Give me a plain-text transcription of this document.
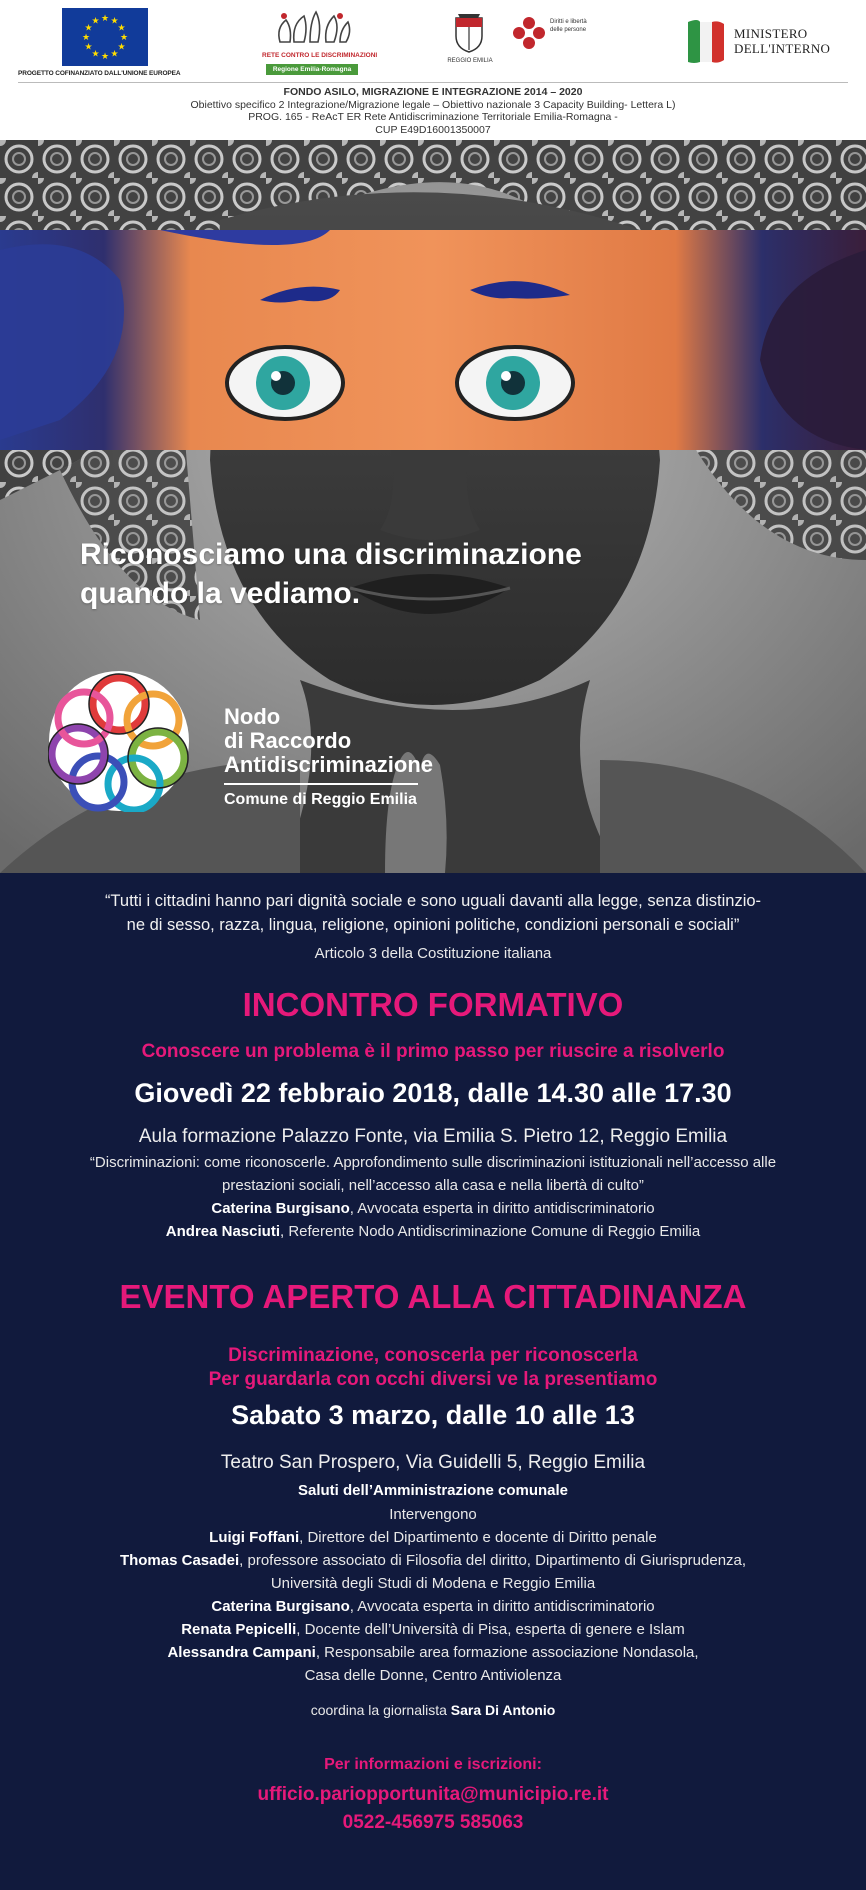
★ ★
★
★
★
★
★
★
★
★
★
★
PROGETTO COFINANZIATO DALL'UNIONE EUROPEA
RETE CONTRO LE DISCRIMINAZIONI
Regione Emilia-Romagna
REGGIO EMILIA
Diritti e libertà
delle persone	MINISTERO
DELL'INTERNO
FONDO ASILO, MIGRAZIONE E INTEGRAZIONE 2014 – 2020
Obiettivo specifico 2 Integrazione/Migrazione legale – Obiettivo nazionale 3 Capacity Building- Lettera L)
PROG. 165 - ReAcT ER Rete Antidiscriminazione Territoriale Emilia-Romagna -
CUP E49D16001350007
Riconosciamo una discriminazione
quando la vediamo.
Nodo
di Raccordo
Antidiscriminazione
Comune di Reggio Emilia
“Tutti i cittadini hanno pari dignità sociale e sono uguali davanti alla legge, senza distinzio-
ne di sesso, razza, lingua, religione, opinioni politiche, condizioni personali e sociali”
Articolo 3 della Costituzione italiana
INCONTRO FORMATIVO
Conoscere un problema è il primo passo per riuscire a risolverlo
Giovedì 22 febbraio 2018, dalle 14.30 alle 17.30
Aula formazione Palazzo Fonte, via Emilia S. Pietro 12, Reggio Emilia
“Discriminazioni: come riconoscerle. Approfondimento sulle discriminazioni istituzionali nell’accesso alle
prestazioni sociali, nell’accesso alla casa e nella libertà di culto”
Caterina Burgisano, Avvocata esperta in diritto antidiscriminatorio
Andrea Nasciuti, Referente Nodo Antidiscriminazione Comune di Reggio Emilia
EVENTO APERTO ALLA CITTADINANZA
Discriminazione, conoscerla per riconoscerla
Per guardarla con occhi diversi ve la presentiamo
Sabato 3 marzo, dalle 10 alle 13
Teatro San Prospero, Via Guidelli 5, Reggio Emilia
Saluti dell’Amministrazione comunale
Intervengono
Luigi Foffani, Direttore del Dipartimento e docente di Diritto penale
Thomas Casadei, professore associato di Filosofia del diritto, Dipartimento di Giurisprudenza,
Università degli Studi di Modena e Reggio Emilia
Caterina Burgisano, Avvocata esperta in diritto antidiscriminatorio
Renata Pepicelli, Docente dell’Università di Pisa, esperta di genere e Islam
Alessandra Campani, Responsabile area formazione associazione Nondasola,
Casa delle Donne, Centro Antiviolenza
coordina la giornalista Sara Di Antonio
Per informazioni e iscrizioni:
ufficio.pariopportunita@municipio.re.it
0522-456975 585063
